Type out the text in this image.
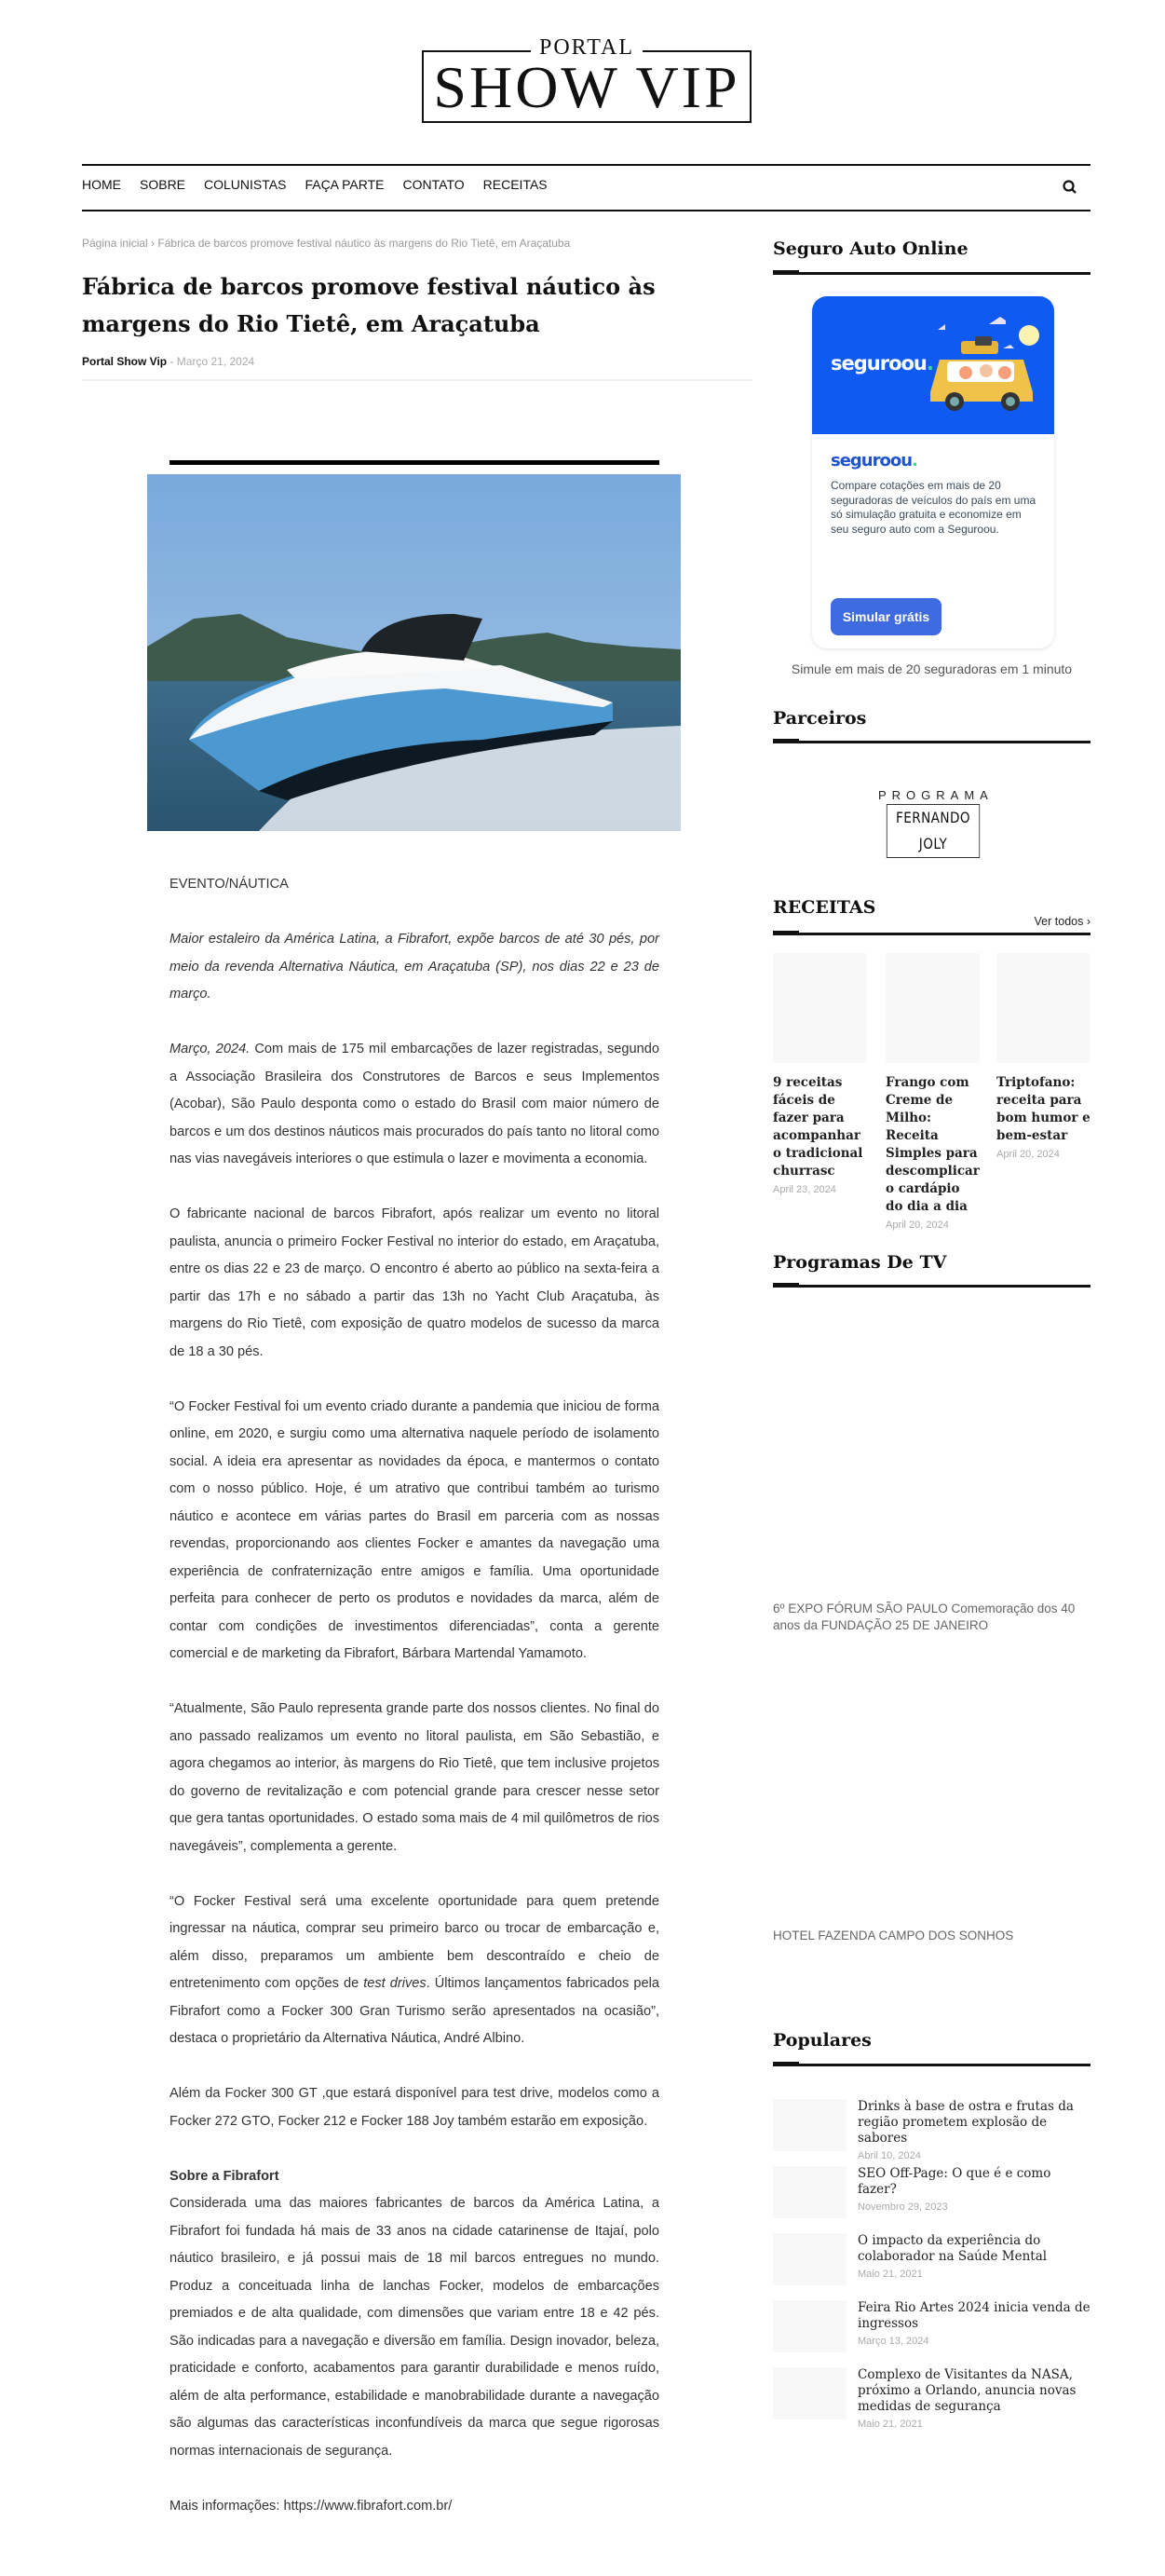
PORTAL
SHOW VIP
HOME SOBRE COLUNISTAS FAÇA PARTE CONTATO RECEITAS
Página inicial › Fábrica de barcos promove festival náutico às margens do Rio Tietê, em Araçatuba
Fábrica de barcos promove festival náutico às margens do Rio Tietê, em Araçatuba
Portal Show Vip - Março 21, 2024

EVENTO/NÁUTICA

Maior estaleiro da América Latina, a Fibrafort, expõe barcos de até 30 pés, por meio da revenda Alternativa Náutica, em Araçatuba (SP), nos dias 22 e 23 de março.

Março, 2024. Com mais de 175 mil embarcações de lazer registradas, segundo a Associação Brasileira dos Construtores de Barcos e seus Implementos (Acobar), São Paulo desponta como o estado do Brasil com maior número de barcos e um dos destinos náuticos mais procurados do país tanto no litoral como nas vias navegáveis interiores o que estimula o lazer e movimenta a economia.

O fabricante nacional de barcos Fibrafort, após realizar um evento no litoral paulista, anuncia o primeiro Focker Festival no interior do estado, em Araçatuba, entre os dias 22 e 23 de março. O encontro é aberto ao público na sexta-feira a partir das 17h e no sábado a partir das 13h no Yacht Club Araçatuba, às margens do Rio Tietê, com exposição de quatro modelos de sucesso da marca de 18 a 30 pés.

“O Focker Festival foi um evento criado durante a pandemia que iniciou de forma online, em 2020, e surgiu como uma alternativa naquele período de isolamento social. A ideia era apresentar as novidades da época, e mantermos o contato com o nosso público. Hoje, é um atrativo que contribui também ao turismo náutico e acontece em várias partes do Brasil em parceria com as nossas revendas, proporcionando aos clientes Focker e amantes da navegação uma experiência de confraternização entre amigos e família. Uma oportunidade perfeita para conhecer de perto os produtos e novidades da marca, além de contar com condições de investimentos diferenciadas”, conta a gerente comercial e de marketing da Fibrafort, Bárbara Martendal Yamamoto.

“Atualmente, São Paulo representa grande parte dos nossos clientes. No final do ano passado realizamos um evento no litoral paulista, em São Sebastião, e agora chegamos ao interior, às margens do Rio Tietê, que tem inclusive projetos do governo de revitalização e com potencial grande para crescer nesse setor que gera tantas oportunidades. O estado soma mais de 4 mil quilômetros de rios navegáveis”, complementa a gerente.

“O Focker Festival será uma excelente oportunidade para quem pretende ingressar na náutica, comprar seu primeiro barco ou trocar de embarcação e, além disso, preparamos um ambiente bem descontraído e cheio de entretenimento com opções de test drives. Últimos lançamentos fabricados pela Fibrafort como a Focker 300 Gran Turismo serão apresentados na ocasião”, destaca o proprietário da Alternativa Náutica, André Albino.

Além da Focker 300 GT ,que estará disponível para test drive, modelos como a Focker 272 GTO, Focker 212 e Focker 188 Joy também estarão em exposição.

Sobre a Fibrafort

Considerada uma das maiores fabricantes de barcos da América Latina, a Fibrafort foi fundada há mais de 33 anos na cidade catarinense de Itajaí, polo náutico brasileiro, e já possui mais de 18 mil barcos entregues no mundo. Produz a conceituada linha de lanchas Focker, modelos de embarcações premiados e de alta qualidade, com dimensões que variam entre 18 e 42 pés. São indicadas para a navegação e diversão em família. Design inovador, beleza, praticidade e conforto, acabamentos para garantir durabilidade e menos ruído, além de alta performance, estabilidade e manobrabilidade durante a navegação são algumas das características inconfundíveis da marca que segue rigorosas normas internacionais de segurança.

Mais informações: https://www.fibrafort.com.br/

Seguro Auto Online
seguroou.
seguroou.
Compare cotações em mais de 20 seguradoras de veículos do país em uma só simulação gratuita e economize em seu seguro auto com a Seguroou.
Simular grátis
Simule em mais de 20 seguradoras em 1 minuto
Parceiros
PROGRAMA
FERNANDO JOLY
RECEITAS
Ver todos ›
9 receitas fáceis de fazer para acompanhar o tradicional churrasc
April 23, 2024
Frango com Creme de Milho: Receita Simples para descomplicar o cardápio do dia a dia
April 20, 2024
Triptofano: receita para bom humor e bem-estar
April 20, 2024
Programas De TV
6º EXPO FÓRUM SÃO PAULO Comemoração dos 40 anos da FUNDAÇÃO 25 DE JANEIRO
HOTEL FAZENDA CAMPO DOS SONHOS
Populares
Drinks à base de ostra e frutas da região prometem explosão de sabores
Abril 10, 2024
SEO Off-Page: O que é e como fazer?
Novembro 29, 2023
O impacto da experiência do colaborador na Saúde Mental
Maio 21, 2021
Feira Rio Artes 2024 inicia venda de ingressos
Março 13, 2024
Complexo de Visitantes da NASA, próximo a Orlando, anuncia novas medidas de segurança
Maio 21, 2021
